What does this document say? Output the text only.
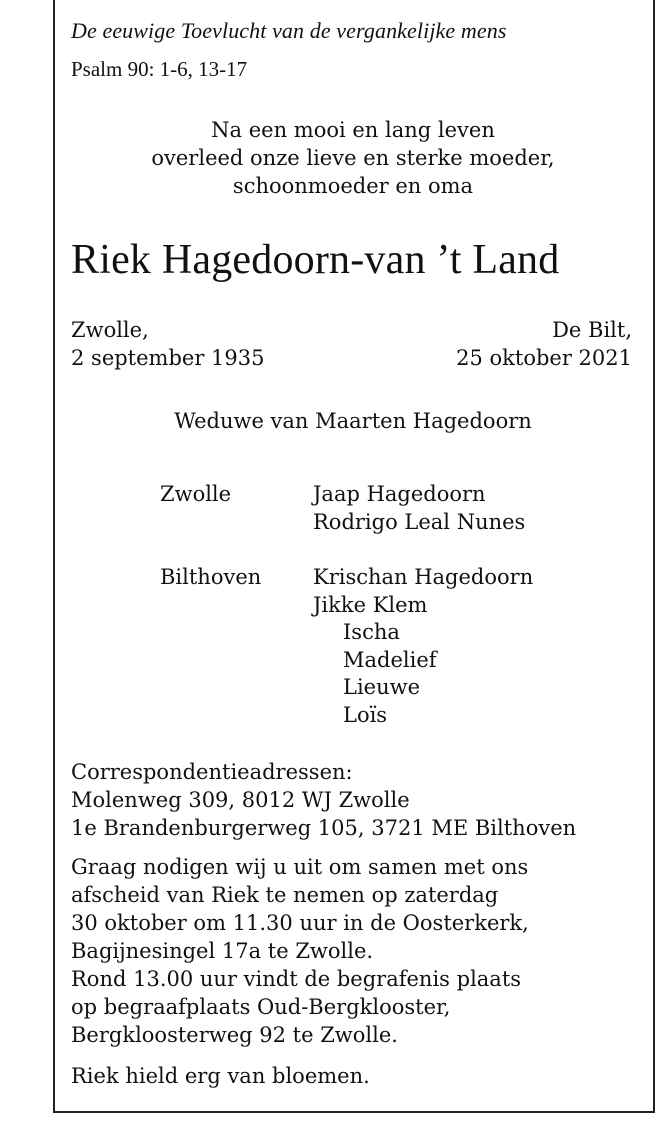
De eeuwige Toevlucht van de vergankelijke mens
Psalm 90: 1-6, 13-17
Na een mooi en lang leven
overleed onze lieve en sterke moeder,
schoonmoeder en oma
Riek Hagedoorn-van ’t Land
Zwolle,
2 september 1935
De Bilt,
25 oktober 2021
Weduwe van Maarten Hagedoorn
Zwolle	Jaap Hagedoorn
Rodrigo Leal Nunes
Bilthoven Krischan Hagedoorn
Jikke Klem
Ischa
Madelief
Lieuwe
Loïs
Correspondentieadressen:
Molenweg 309, 8012 WJ Zwolle
1e Brandenburgerweg 105, 3721 ME Bilthoven
Graag nodigen wij u uit om samen met ons
afscheid van Riek te nemen op zaterdag
30 oktober om 11.30 uur in de Oosterkerk,
Bagijnesingel 17a te Zwolle.
Rond 13.00 uur vindt de begrafenis plaats
op begraafplaats Oud-Bergklooster,
Bergkloosterweg 92 te Zwolle.
Riek hield erg van bloemen.
